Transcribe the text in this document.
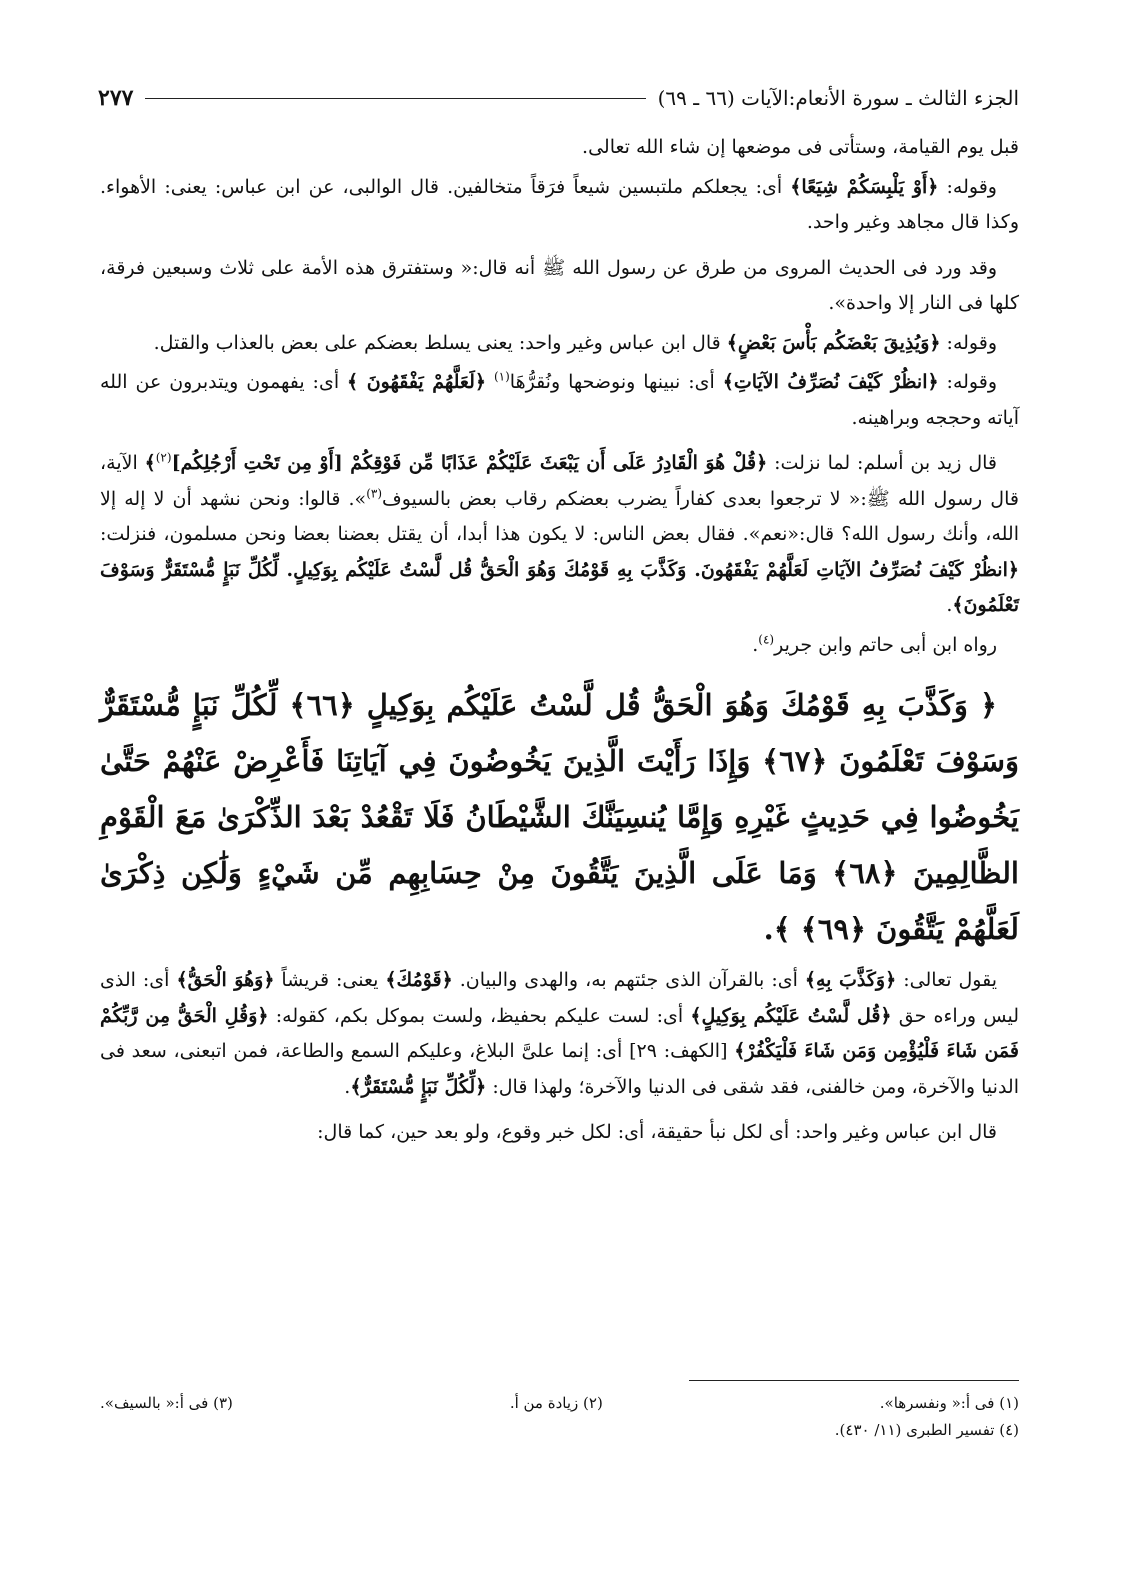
الجزء الثالث ـ سورة الأنعام:الآيات (٦٦ ـ ٦٩)
٢٧٧

قبل يوم القيامة، وستأتى فى موضعها إن شاء الله تعالى.

وقوله: ﴿أَوْ يَلْبِسَكُمْ شِيَعًا﴾ أى: يجعلكم ملتبسين شيعاً فرَقاً متخالفين. قال الوالبى، عن ابن عباس: يعنى: الأهواء. وكذا قال مجاهد وغير واحد.

وقد ورد فى الحديث المروى من طرق عن رسول الله ﷺ أنه قال:« وستفترق هذه الأمة على ثلاث وسبعين فرقة، كلها فى النار إلا واحدة».

وقوله: ﴿وَيُذِيقَ بَعْضَكُم بَأْسَ بَعْضٍ﴾ قال ابن عباس وغير واحد: يعنى يسلط بعضكم على بعض بالعذاب والقتل.

وقوله: ﴿انظُرْ كَيْفَ نُصَرِّفُ الآيَاتِ﴾ أى: نبينها ونوضحها ونُقرُّهَا$^{(١)}$ ﴿لَعَلَّهُمْ يَفْقَهُونَ ﴾ أى: يفهمون ويتدبرون عن الله آياته وحججه وبراهينه.

قال زيد بن أسلم: لما نزلت: ﴿قُلْ هُوَ الْقَادِرُ عَلَى أَن يَبْعَثَ عَلَيْكُمْ عَذَابًا مِّن فَوْقِكُمْ [أَوْ مِن تَحْتِ أَرْجُلِكُم]$^{(٢)}$﴾ الآية، قال رسول الله ﷺ:« لا ترجعوا بعدى كفاراً يضرب بعضكم رقاب بعض بالسيوف$^{(٣)}$». قالوا: ونحن نشهد أن لا إله إلا الله، وأنك رسول الله؟ قال:«نعم». فقال بعض الناس: لا يكون هذا أبدا، أن يقتل بعضنا بعضا ونحن مسلمون، فنزلت: ﴿انظُرْ كَيْفَ نُصَرِّفُ الآيَاتِ لَعَلَّهُمْ يَفْقَهُونَ. وَكَذَّبَ بِهِ قَوْمُكَ وَهُوَ الْحَقُّ قُل لَّسْتُ عَلَيْكُم بِوَكِيلٍ. لِّكُلِّ نَبَإٍ مُّسْتَقَرٌّ وَسَوْفَ تَعْلَمُونَ﴾.

رواه ابن أبى حاتم وابن جرير$^{(٤)}$.

﴿ وَكَذَّبَ بِهِ قَوْمُكَ وَهُوَ الْحَقُّ قُل لَّسْتُ عَلَيْكُم بِوَكِيلٍ ﴿٦٦﴾ لِّكُلِّ نَبَإٍ مُّسْتَقَرٌّ وَسَوْفَ تَعْلَمُونَ ﴿٦٧﴾ وَإِذَا رَأَيْتَ الَّذِينَ يَخُوضُونَ فِي آيَاتِنَا فَأَعْرِضْ عَنْهُمْ حَتَّىٰ يَخُوضُوا فِي حَدِيثٍ غَيْرِهِ وَإِمَّا يُنسِيَنَّكَ الشَّيْطَانُ فَلَا تَقْعُدْ بَعْدَ الذِّكْرَىٰ مَعَ الْقَوْمِ الظَّالِمِينَ ﴿٦٨﴾ وَمَا عَلَى الَّذِينَ يَتَّقُونَ مِنْ حِسَابِهِم مِّن شَيْءٍ وَلَٰكِن ذِكْرَىٰ لَعَلَّهُمْ يَتَّقُونَ ﴿٦٩﴾ ﴾.

يقول تعالى: ﴿وَكَذَّبَ بِهِ﴾ أى: بالقرآن الذى جئتهم به، والهدى والبيان. ﴿قَوْمُكَ﴾ يعنى: قريشاً ﴿وَهُوَ الْحَقُّ﴾ أى: الذى ليس وراءه حق ﴿قُل لَّسْتُ عَلَيْكُم بِوَكِيلٍ﴾ أى: لست عليكم بحفيظ، ولست بموكل بكم، كقوله: ﴿وَقُلِ الْحَقُّ مِن رَّبِّكُمْ فَمَن شَاءَ فَلْيُؤْمِن وَمَن شَاءَ فَلْيَكْفُرْ﴾ [الكهف: ٢٩] أى: إنما علىَّ البلاغ، وعليكم السمع والطاعة، فمن اتبعنى، سعد فى الدنيا والآخرة، ومن خالفنى، فقد شقى فى الدنيا والآخرة؛ ولهذا قال: ﴿لِّكُلِّ نَبَإٍ مُّسْتَقَرٌّ﴾.

قال ابن عباس وغير واحد: أى لكل نبأ حقيقة، أى: لكل خبر وقوع، ولو بعد حين، كما قال:

(١) فى أ:« ونفسرها».
(٢) زيادة من أ.
(٣) فى أ:« بالسيف».
(٤) تفسير الطبرى (١١/ ٤٣٠).
